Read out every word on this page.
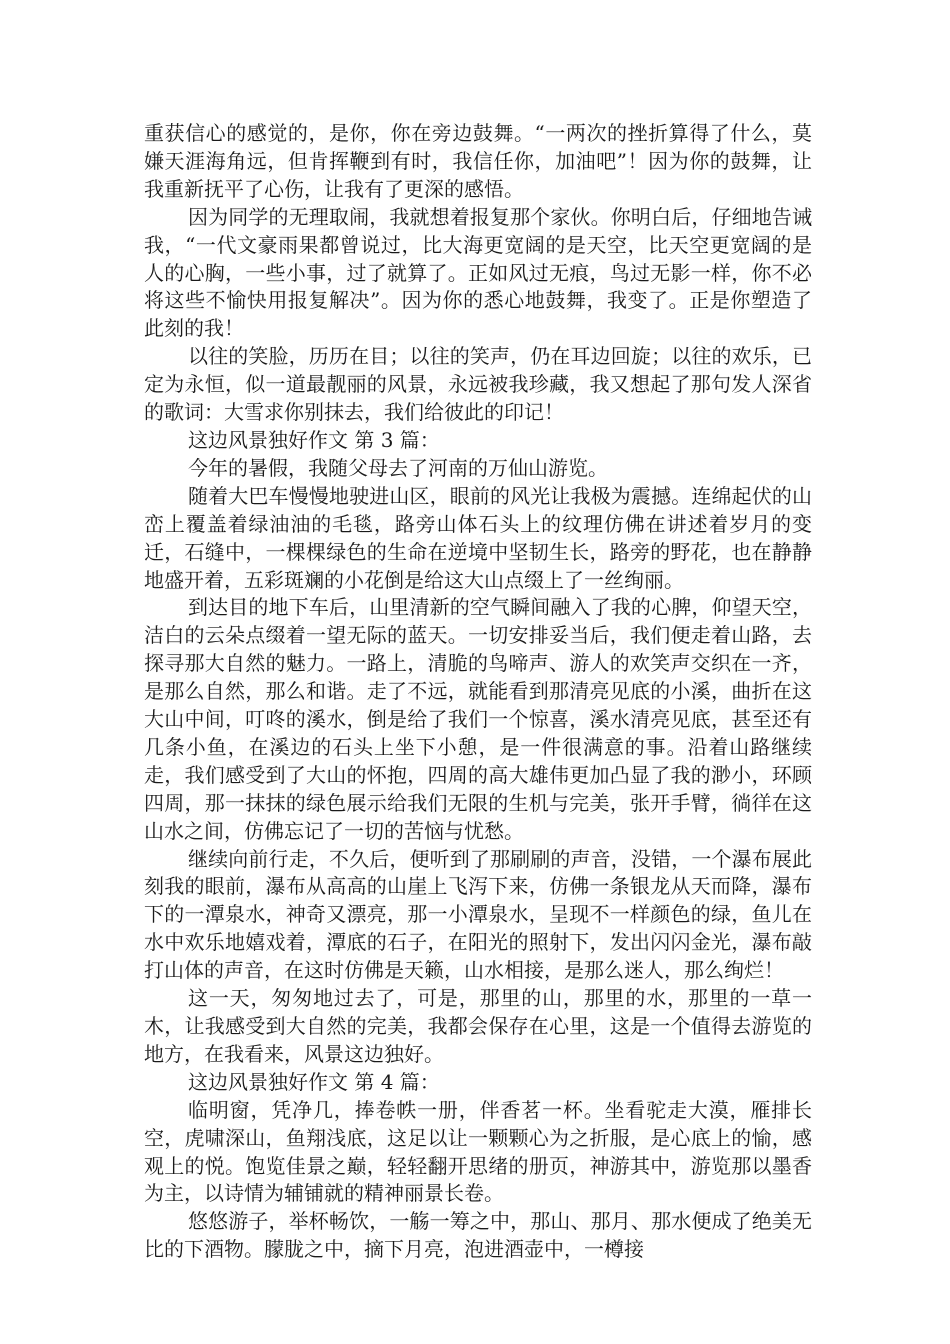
重获信心的感觉的，是你，你在旁边鼓舞。“一两次的挫折算得了什么，莫嫌天涯海角远，但肯挥鞭到有时，我信任你，加油吧”！因为你的鼓舞，让我重新抚平了心伤，让我有了更深的感悟。

因为同学的无理取闹，我就想着报复那个家伙。你明白后，仔细地告诫我，“一代文豪雨果都曾说过，比大海更宽阔的是天空，比天空更宽阔的是人的心胸，一些小事，过了就算了。正如风过无痕，鸟过无影一样，你不必将这些不愉快用报复解决”。因为你的悉心地鼓舞，我变了。正是你塑造了此刻的我！

以往的笑脸，历历在目；以往的笑声，仍在耳边回旋；以往的欢乐，已定为永恒，似一道最靓丽的风景，永远被我珍藏，我又想起了那句发人深省的歌词：大雪求你别抹去，我们给彼此的印记！

这边风景独好作文 第 3 篇：

今年的暑假，我随父母去了河南的万仙山游览。

随着大巴车慢慢地驶进山区，眼前的风光让我极为震撼。连绵起伏的山峦上覆盖着绿油油的毛毯，路旁山体石头上的纹理仿佛在讲述着岁月的变迁，石缝中，一棵棵绿色的生命在逆境中坚韧生长，路旁的野花，也在静静地盛开着，五彩斑斓的小花倒是给这大山点缀上了一丝绚丽。

到达目的地下车后，山里清新的空气瞬间融入了我的心脾，仰望天空，洁白的云朵点缀着一望无际的蓝天。一切安排妥当后，我们便走着山路，去探寻那大自然的魅力。一路上，清脆的鸟啼声、游人的欢笑声交织在一齐，是那么自然，那么和谐。走了不远，就能看到那清亮见底的小溪，曲折在这大山中间，叮咚的溪水，倒是给了我们一个惊喜，溪水清亮见底，甚至还有几条小鱼，在溪边的石头上坐下小憩，是一件很满意的事。沿着山路继续走，我们感受到了大山的怀抱，四周的高大雄伟更加凸显了我的渺小，环顾四周，那一抹抹的绿色展示给我们无限的生机与完美，张开手臂，徜徉在这山水之间，仿佛忘记了一切的苦恼与忧愁。

继续向前行走，不久后，便听到了那刷刷的声音，没错，一个瀑布展此刻我的眼前，瀑布从高高的山崖上飞泻下来，仿佛一条银龙从天而降，瀑布下的一潭泉水，神奇又漂亮，那一小潭泉水，呈现不一样颜色的绿，鱼儿在水中欢乐地嬉戏着，潭底的石子，在阳光的照射下，发出闪闪金光，瀑布敲打山体的声音，在这时仿佛是天籁，山水相接，是那么迷人，那么绚烂！

这一天，匆匆地过去了，可是，那里的山，那里的水，那里的一草一木，让我感受到大自然的完美，我都会保存在心里，这是一个值得去游览的地方，在我看来，风景这边独好。

这边风景独好作文 第 4 篇：

临明窗，凭净几，捧卷帙一册，伴香茗一杯。坐看驼走大漠，雁排长空，虎啸深山，鱼翔浅底，这足以让一颗颗心为之折服，是心底上的愉，感观上的悦。饱览佳景之巅，轻轻翻开思绪的册页，神游其中，游览那以墨香为主，以诗情为辅铺就的精神丽景长卷。

悠悠游子，举杯畅饮，一觞一筹之中，那山、那月、那水便成了绝美无比的下酒物。朦胧之中，摘下月亮，泡进酒壶中，一樽接
